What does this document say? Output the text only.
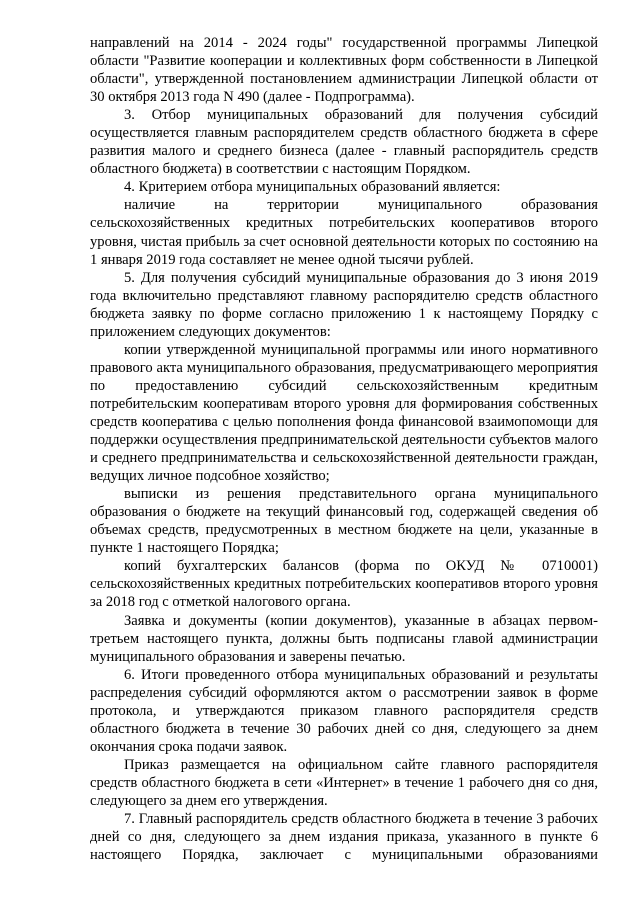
направлений на 2014 - 2024 годы" государственной программы Липецкой области "Развитие кооперации и коллективных форм собственности в Липецкой области", утвержденной постановлением администрации Липецкой области от 30 октября 2013 года N 490 (далее - Подпрограмма).

3. Отбор муниципальных образований для получения субсидий осуществляется главным распорядителем средств областного бюджета в сфере развития малого и среднего бизнеса (далее - главный распорядитель средств областного бюджета) в соответствии с настоящим Порядком.

4. Критерием отбора муниципальных образований является:

наличие на территории муниципального образования сельскохозяйственных кредитных потребительских кооперативов второго уровня, чистая прибыль за счет основной деятельности которых по состоянию на 1 января 2019 года составляет не менее одной тысячи рублей.

5. Для получения субсидий муниципальные образования до 3 июня 2019 года включительно представляют главному распорядителю средств областного бюджета заявку по форме согласно приложению 1 к настоящему Порядку с приложением следующих документов:

копии утвержденной муниципальной программы или иного нормативного правового акта муниципального образования, предусматривающего мероприятия по предоставлению субсидий сельскохозяйственным кредитным потребительским кооперативам второго уровня для формирования собственных средств кооператива с целью пополнения фонда финансовой взаимопомощи для поддержки осуществления предпринимательской деятельности субъектов малого и среднего предпринимательства и сельскохозяйственной деятельности граждан, ведущих личное подсобное хозяйство;

выписки из решения представительного органа муниципального образования о бюджете на текущий финансовый год, содержащей сведения об объемах средств, предусмотренных в местном бюджете на цели, указанные в пункте 1 настоящего Порядка;

копий бухгалтерских балансов (форма по ОКУД № 0710001) сельскохозяйственных кредитных потребительских кооперативов второго уровня за 2018 год с отметкой налогового органа.

Заявка и документы (копии документов), указанные в абзацах первом-третьем настоящего пункта, должны быть подписаны главой администрации муниципального образования и заверены печатью.

6. Итоги проведенного отбора муниципальных образований и результаты распределения субсидий оформляются актом о рассмотрении заявок в форме протокола, и утверждаются приказом главного распорядителя средств областного бюджета в течение 30 рабочих дней со дня, следующего за днем окончания срока подачи заявок.

Приказ размещается на официальном сайте главного распорядителя средств областного бюджета в сети «Интернет» в течение 1 рабочего дня со дня, следующего за днем его утверждения.

7. Главный распорядитель средств областного бюджета в течение 3 рабочих дней со дня, следующего за днем издания приказа, указанного в пункте 6 настоящего Порядка, заключает с муниципальными образованиями
